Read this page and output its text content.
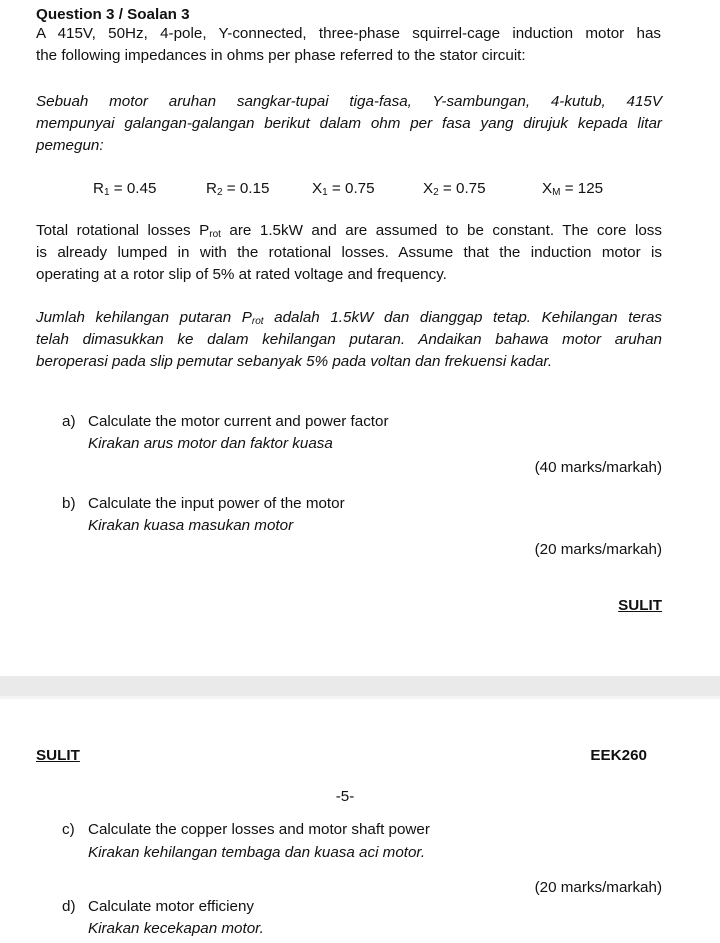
Question 3 / Soalan 3
A 415V, 50Hz, 4-pole, Y-connected, three-phase squirrel-cage induction motor has
the following impedances in ohms per phase referred to the stator circuit:
Sebuah motor aruhan sangkar-tupai tiga-fasa, Y-sambungan, 4-kutub, 415V
mempunyai galangan-galangan berikut dalam ohm per fasa yang dirujuk kepada litar
pemegun:
$R_1 = 0.45$	$R_2 = 0.15$	$X_1 = 0.75$	$X_2 = 0.75$	$X_M = 125$
Total rotational losses $P_{rot}$ are 1.5kW and are assumed to be constant. The core loss
is already lumped in with the rotational losses. Assume that the induction motor is
operating at a rotor slip of 5% at rated voltage and frequency.
Jumlah kehilangan putaran $P_{rot}$ adalah 1.5kW dan dianggap tetap. Kehilangan teras
telah dimasukkan ke dalam kehilangan putaran. Andaikan bahawa motor aruhan
beroperasi pada slip pemutar sebanyak 5% pada voltan dan frekuensi kadar.
a) Calculate the motor current and power factor
Kirakan arus motor dan faktor kuasa
(40 marks/markah)
b) Calculate the input power of the motor
Kirakan kuasa masukan motor
(20 marks/markah)
SULIT
SULIT	EEK260
-5-
c) Calculate the copper losses and motor shaft power
Kirakan kehilangan tembaga dan kuasa aci motor.
(20 marks/markah)
d) Calculate motor efficieny
Kirakan kecekapan motor.
